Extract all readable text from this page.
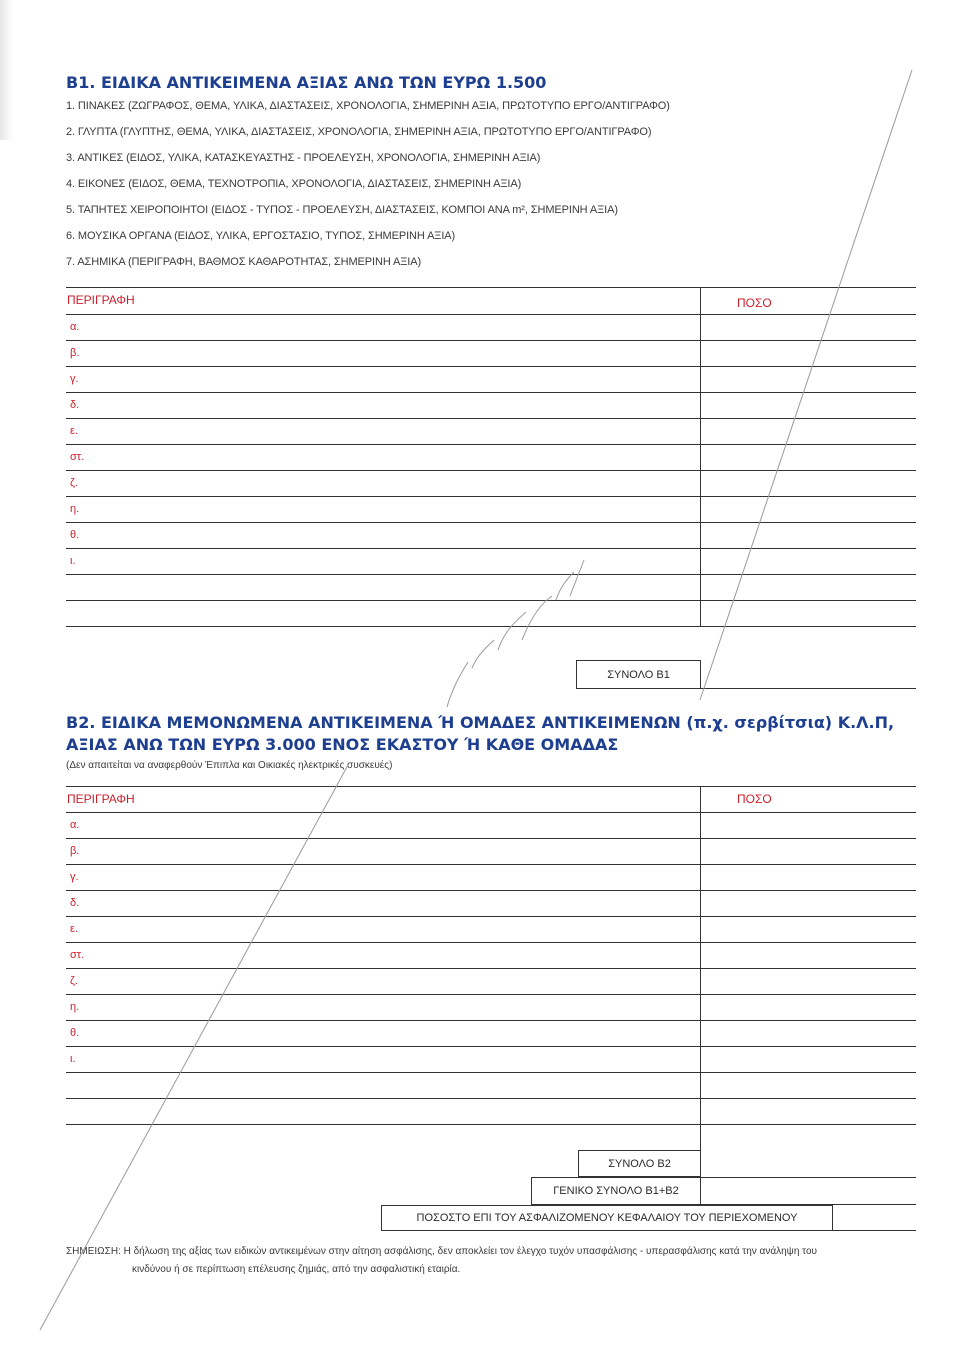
B1. ΕΙΔΙΚΑ ΑΝΤΙΚΕΙΜΕΝΑ ΑΞΙΑΣ ΑΝΩ ΤΩΝ ΕΥΡΩ 1.500
1. ΠΙΝΑΚΕΣ (ΖΩΓΡΑΦΟΣ, ΘΕΜΑ, ΥΛΙΚΑ, ΔΙΑΣΤΑΣΕΙΣ, ΧΡΟΝΟΛΟΓΙΑ, ΣΗΜΕΡΙΝΗ ΑΞΙΑ, ΠΡΩΤΟΤΥΠΟ ΕΡΓΟ/ΑΝΤΙΓΡΑΦΟ)
2. ΓΛΥΠΤΑ (ΓΛΥΠΤΗΣ, ΘΕΜΑ, ΥΛΙΚΑ, ΔΙΑΣΤΑΣΕΙΣ, ΧΡΟΝΟΛΟΓΙΑ, ΣΗΜΕΡΙΝΗ ΑΞΙΑ, ΠΡΩΤΟΤΥΠΟ ΕΡΓΟ/ΑΝΤΙΓΡΑΦΟ)
3. ΑΝΤΙΚΕΣ (ΕΙΔΟΣ, ΥΛΙΚΑ, ΚΑΤΑΣΚΕΥΑΣΤΗΣ - ΠΡΟΕΛΕΥΣΗ, ΧΡΟΝΟΛΟΓΙΑ, ΣΗΜΕΡΙΝΗ ΑΞΙΑ)
4. ΕΙΚΟΝΕΣ (ΕΙΔΟΣ, ΘΕΜΑ, ΤΕΧΝΟΤΡΟΠΙΑ, ΧΡΟΝΟΛΟΓΙΑ, ΔΙΑΣΤΑΣΕΙΣ, ΣΗΜΕΡΙΝΗ ΑΞΙΑ)
5. ΤΑΠΗΤΕΣ ΧΕΙΡΟΠΟΙΗΤΟΙ (ΕΙΔΟΣ - ΤΥΠΟΣ - ΠΡΟΕΛΕΥΣΗ, ΔΙΑΣΤΑΣΕΙΣ, ΚΟΜΠΟΙ ΑΝΑ m², ΣΗΜΕΡΙΝΗ ΑΞΙΑ)
6. ΜΟΥΣΙΚΑ ΟΡΓΑΝΑ (ΕΙΔΟΣ, ΥΛΙΚΑ, ΕΡΓΟΣΤΑΣΙΟ, ΤΥΠΟΣ, ΣΗΜΕΡΙΝΗ ΑΞΙΑ)
7. ΑΣΗΜΙΚΑ (ΠΕΡΙΓΡΑΦΗ, ΒΑΘΜΟΣ ΚΑΘΑΡΟΤΗΤΑΣ, ΣΗΜΕΡΙΝΗ ΑΞΙΑ)
ΠΕΡΙΓΡΑΦΗ	ΠΟΣΟ
α.
β.
γ.
δ.
ε.
στ.
ζ.
η.
θ.
ι.
ΣΥΝΟΛΟ Β1
Β2. ΕΙΔΙΚΑ ΜΕΜΟΝΩΜΕΝΑ ΑΝΤΙΚΕΙΜΕΝΑ Ή ΟΜΑΔΕΣ ΑΝΤΙΚΕΙΜΕΝΩΝ (π.χ. σερβίτσια) Κ.Λ.Π,
ΑΞΙΑΣ ΑΝΩ ΤΩΝ ΕΥΡΩ 3.000 ΕΝΟΣ ΕΚΑΣΤΟΥ Ή ΚΑΘΕ ΟΜΑΔΑΣ
(Δεν απαιτείται να αναφερθούν Έπιπλα και Οικιακές ηλεκτρικές συσκευές)
ΠΕΡΙΓΡΑΦΗ	ΠΟΣΟ
α.
β.
γ.
δ.
ε.
στ.
ζ.
η.
θ.
ι.
ΣΥΝΟΛΟ Β2
ΓΕΝΙΚΟ ΣΥΝΟΛΟ Β1+Β2
ΠΟΣΟΣΤΟ ΕΠΙ ΤΟΥ ΑΣΦΑΛΙΖΟΜΕΝΟΥ ΚΕΦΑΛΑΙΟΥ ΤΟΥ ΠΕΡΙΕΧΟΜΕΝΟΥ
ΣΗΜΕΙΩΣΗ: Η δήλωση της αξίας των ειδικών αντικειμένων στην αίτηση ασφάλισης, δεν αποκλείει τον έλεγχο τυχόν υπασφάλισης - υπερασφάλισης κατά την ανάληψη του
κινδύνου ή σε περίπτωση επέλευσης ζημιάς, από την ασφαλιστική εταιρία.
